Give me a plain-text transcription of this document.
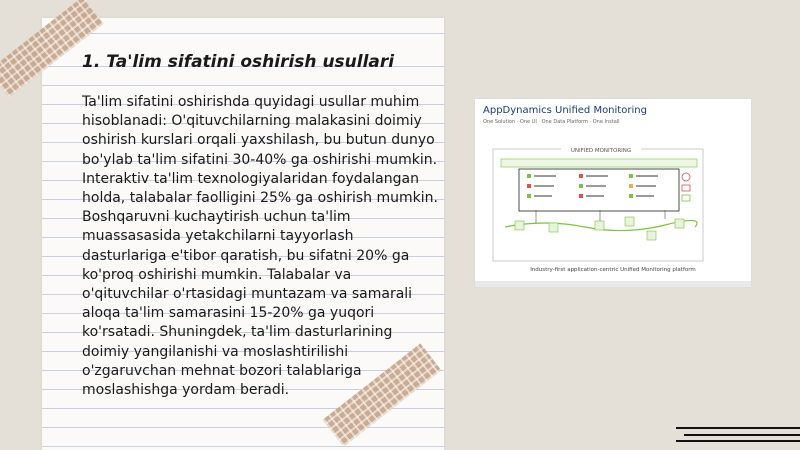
1. Ta'lim sifatini oshirish usullari

Ta'lim sifatini oshirishda quyidagi usullar muhim hisoblanadi: O'qituvchilarning malakasini doimiy oshirish kurslari orqali yaxshilash, bu butun dunyo bo'ylab ta'lim sifatini 30-40% ga oshirishi mumkin. Interaktiv ta'lim texnologiyalaridan foydalangan holda, talabalar faolligini 25% ga oshirish mumkin. Boshqaruvni kuchaytirish uchun ta'lim muassasasida yetakchilarni tayyorlash dasturlariga e'tibor qaratish, bu sifatni 20% ga ko'proq oshirishi mumkin. Talabalar va o'qituvchilar o'rtasidagi muntazam va samarali aloqa ta'lim samarasini 15-20% ga yuqori ko'rsatadi. Shuningdek, ta'lim dasturlarining doimiy yangilanishi va moslashtirilishi o'zgaruvchan mehnat bozori talablariga moslashishga yordam beradi.

AppDynamics Unified Monitoring
One Solution · One UI · One Data Platform · One Install
UNIFIED MONITORING
Industry-first application-centric Unified Monitoring platform
